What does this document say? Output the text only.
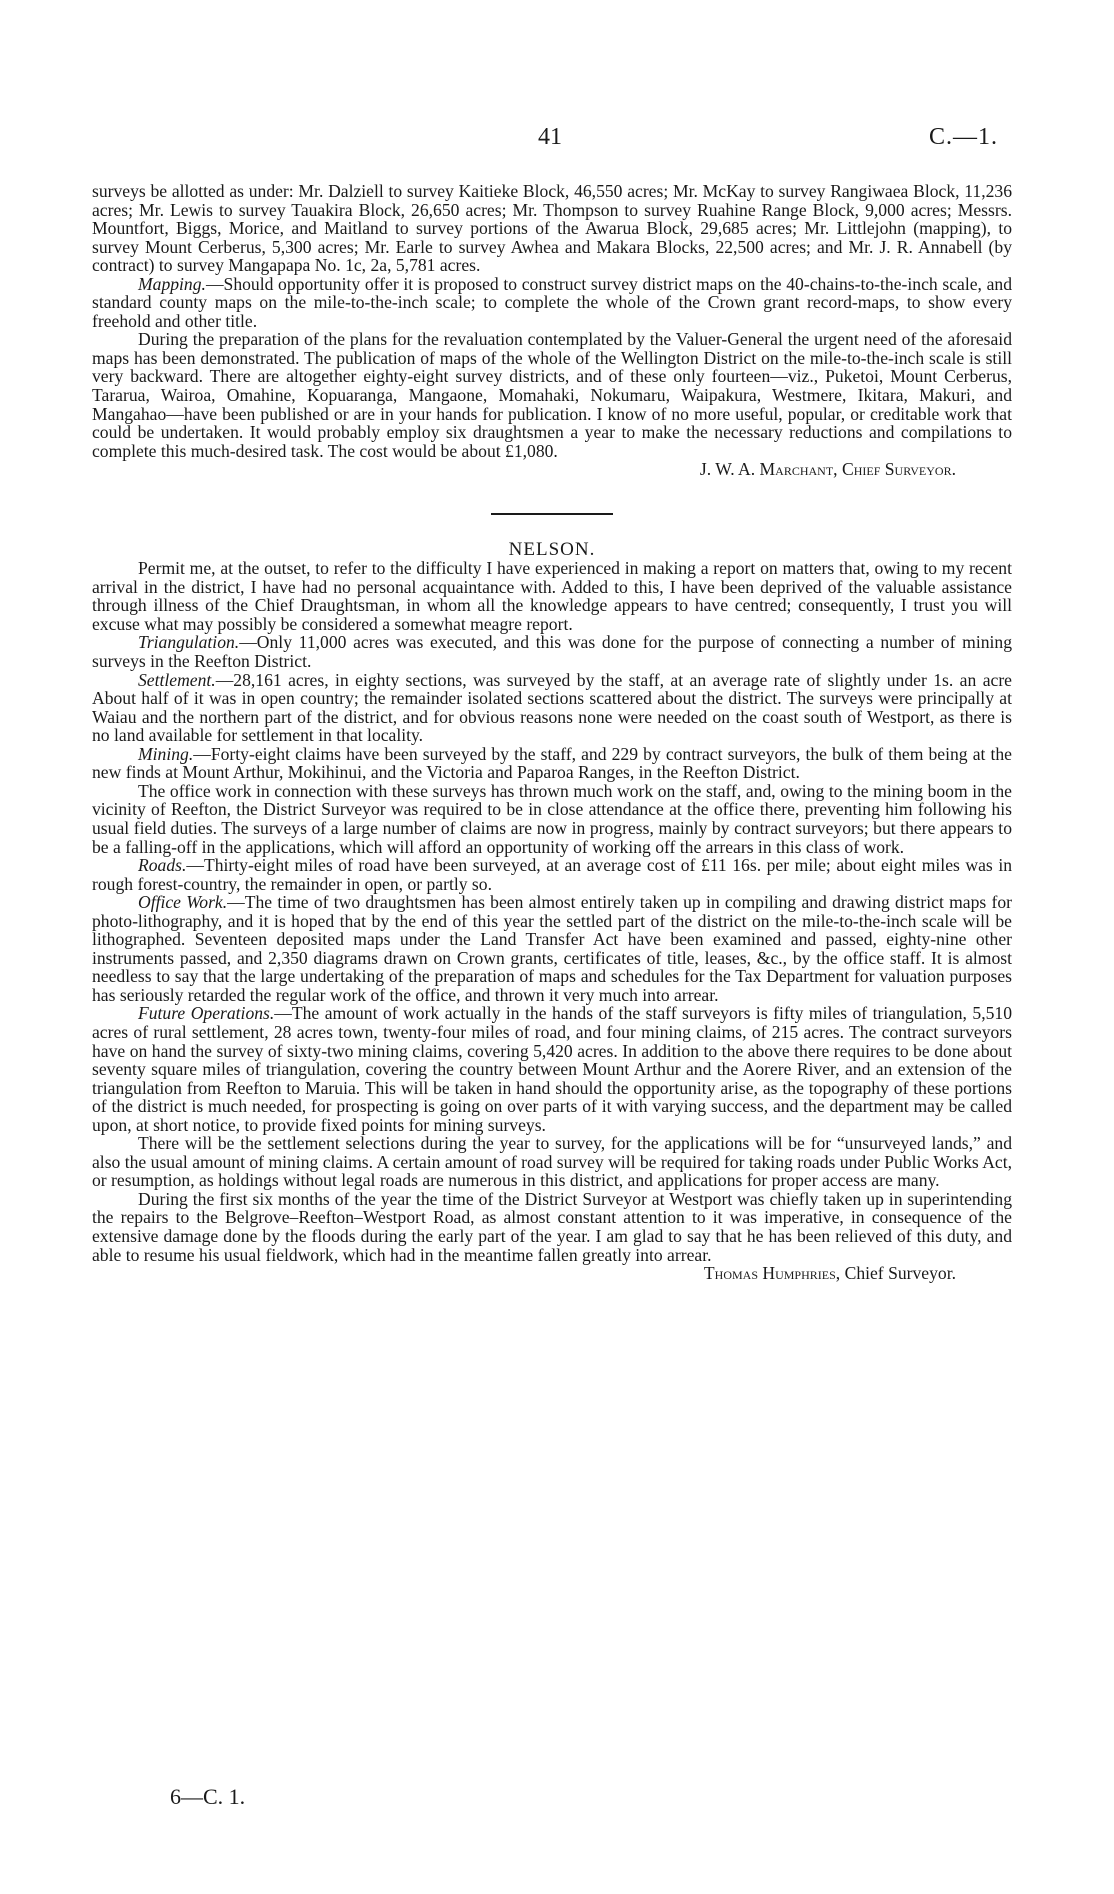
41	C.—1.

surveys be allotted as under: Mr. Dalziell to survey Kaitieke Block, 46,550 acres; Mr. McKay to survey Rangiwaeа Block, 11,236 acres; Mr. Lewis to survey Tauakira Block, 26,650 acres; Mr. Thompson to survey Ruahine Range Block, 9,000 acres; Messrs. Mountfort, Biggs, Morice, and Maitland to survey portions of the Awarua Block, 29,685 acres; Mr. Littlejohn (mapping), to survey Mount Cerberus, 5,300 acres; Mr. Earle to survey Awhea and Makara Blocks, 22,500 acres; and Mr. J. R. Annabell (by contract) to survey Mangapapa No. 1c, 2a, 5,781 acres.

Mapping.—Should opportunity offer it is proposed to construct survey district maps on the 40-chains-to-the-inch scale, and standard county maps on the mile-to-the-inch scale; to complete the whole of the Crown grant record-maps, to show every freehold and other title.

During the preparation of the plans for the revaluation contemplated by the Valuer-General the urgent need of the aforesaid maps has been demonstrated. The publication of maps of the whole of the Wellington District on the mile-to-the-inch scale is still very backward. There are altogether eighty-eight survey districts, and of these only fourteen—viz., Puketoi, Mount Cerberus, Tararua, Wairoa, Omahine, Kopuaranga, Mangaone, Momahaki, Nokumaru, Waipakura, Westmere, Ikitara, Makuri, and Mangahao—have been published or are in your hands for publication. I know of no more useful, popular, or creditable work that could be undertaken. It would probably employ six draughtsmen a year to make the necessary reductions and compilations to complete this much-desired task. The cost would be about £1,080.

J. W. A. Marchant, Chief Surveyor.

NELSON.

Permit me, at the outset, to refer to the difficulty I have experienced in making a report on matters that, owing to my recent arrival in the district, I have had no personal acquaintance with. Added to this, I have been deprived of the valuable assistance through illness of the Chief Draughtsman, in whom all the knowledge appears to have centred; consequently, I trust you will excuse what may possibly be considered a somewhat meagre report.

Triangulation.—Only 11,000 acres was executed, and this was done for the purpose of connecting a number of mining surveys in the Reefton District.

Settlement.—28,161 acres, in eighty sections, was surveyed by the staff, at an average rate of slightly under 1s. an acre About half of it was in open country; the remainder isolated sections scattered about the district. The surveys were principally at Waiau and the northern part of the district, and for obvious reasons none were needed on the coast south of Westport, as there is no land available for settlement in that locality.

Mining.—Forty-eight claims have been surveyed by the staff, and 229 by contract surveyors, the bulk of them being at the new finds at Mount Arthur, Mokihinui, and the Victoria and Paparoa Ranges, in the Reefton District.

The office work in connection with these surveys has thrown much work on the staff, and, owing to the mining boom in the vicinity of Reefton, the District Surveyor was required to be in close attendance at the office there, preventing him following his usual field duties. The surveys of a large number of claims are now in progress, mainly by contract surveyors; but there appears to be a falling-off in the applications, which will afford an opportunity of working off the arrears in this class of work.

Roads.—Thirty-eight miles of road have been surveyed, at an average cost of £11 16s. per mile; about eight miles was in rough forest-country, the remainder in open, or partly so.

Office Work.—The time of two draughtsmen has been almost entirely taken up in compiling and drawing district maps for photo-lithography, and it is hoped that by the end of this year the settled part of the district on the mile-to-the-inch scale will be lithographed. Seventeen deposited maps under the Land Transfer Act have been examined and passed, eighty-nine other instruments passed, and 2,350 diagrams drawn on Crown grants, certificates of title, leases, &c., by the office staff. It is almost needless to say that the large undertaking of the preparation of maps and schedules for the Tax Department for valuation purposes has seriously retarded the regular work of the office, and thrown it very much into arrear.

Future Operations.—The amount of work actually in the hands of the staff surveyors is fifty miles of triangulation, 5,510 acres of rural settlement, 28 acres town, twenty-four miles of road, and four mining claims, of 215 acres. The contract surveyors have on hand the survey of sixty-two mining claims, covering 5,420 acres. In addition to the above there requires to be done about seventy square miles of triangulation, covering the country between Mount Arthur and the Aorere River, and an extension of the triangulation from Reefton to Maruia. This will be taken in hand should the opportunity arise, as the topography of these portions of the district is much needed, for prospecting is going on over parts of it with varying success, and the department may be called upon, at short notice, to provide fixed points for mining surveys.

There will be the settlement selections during the year to survey, for the applications will be for “unsurveyed lands,” and also the usual amount of mining claims. A certain amount of road survey will be required for taking roads under Public Works Act, or resumption, as holdings without legal roads are numerous in this district, and applications for proper access are many.

During the first six months of the year the time of the District Surveyor at Westport was chiefly taken up in superintending the repairs to the Belgrove–Reefton–Westport Road, as almost constant attention to it was imperative, in consequence of the extensive damage done by the floods during the early part of the year. I am glad to say that he has been relieved of this duty, and able to resume his usual fieldwork, which had in the meantime fallen greatly into arrear.

Thomas Humphries, Chief Surveyor.

6—C. 1.
